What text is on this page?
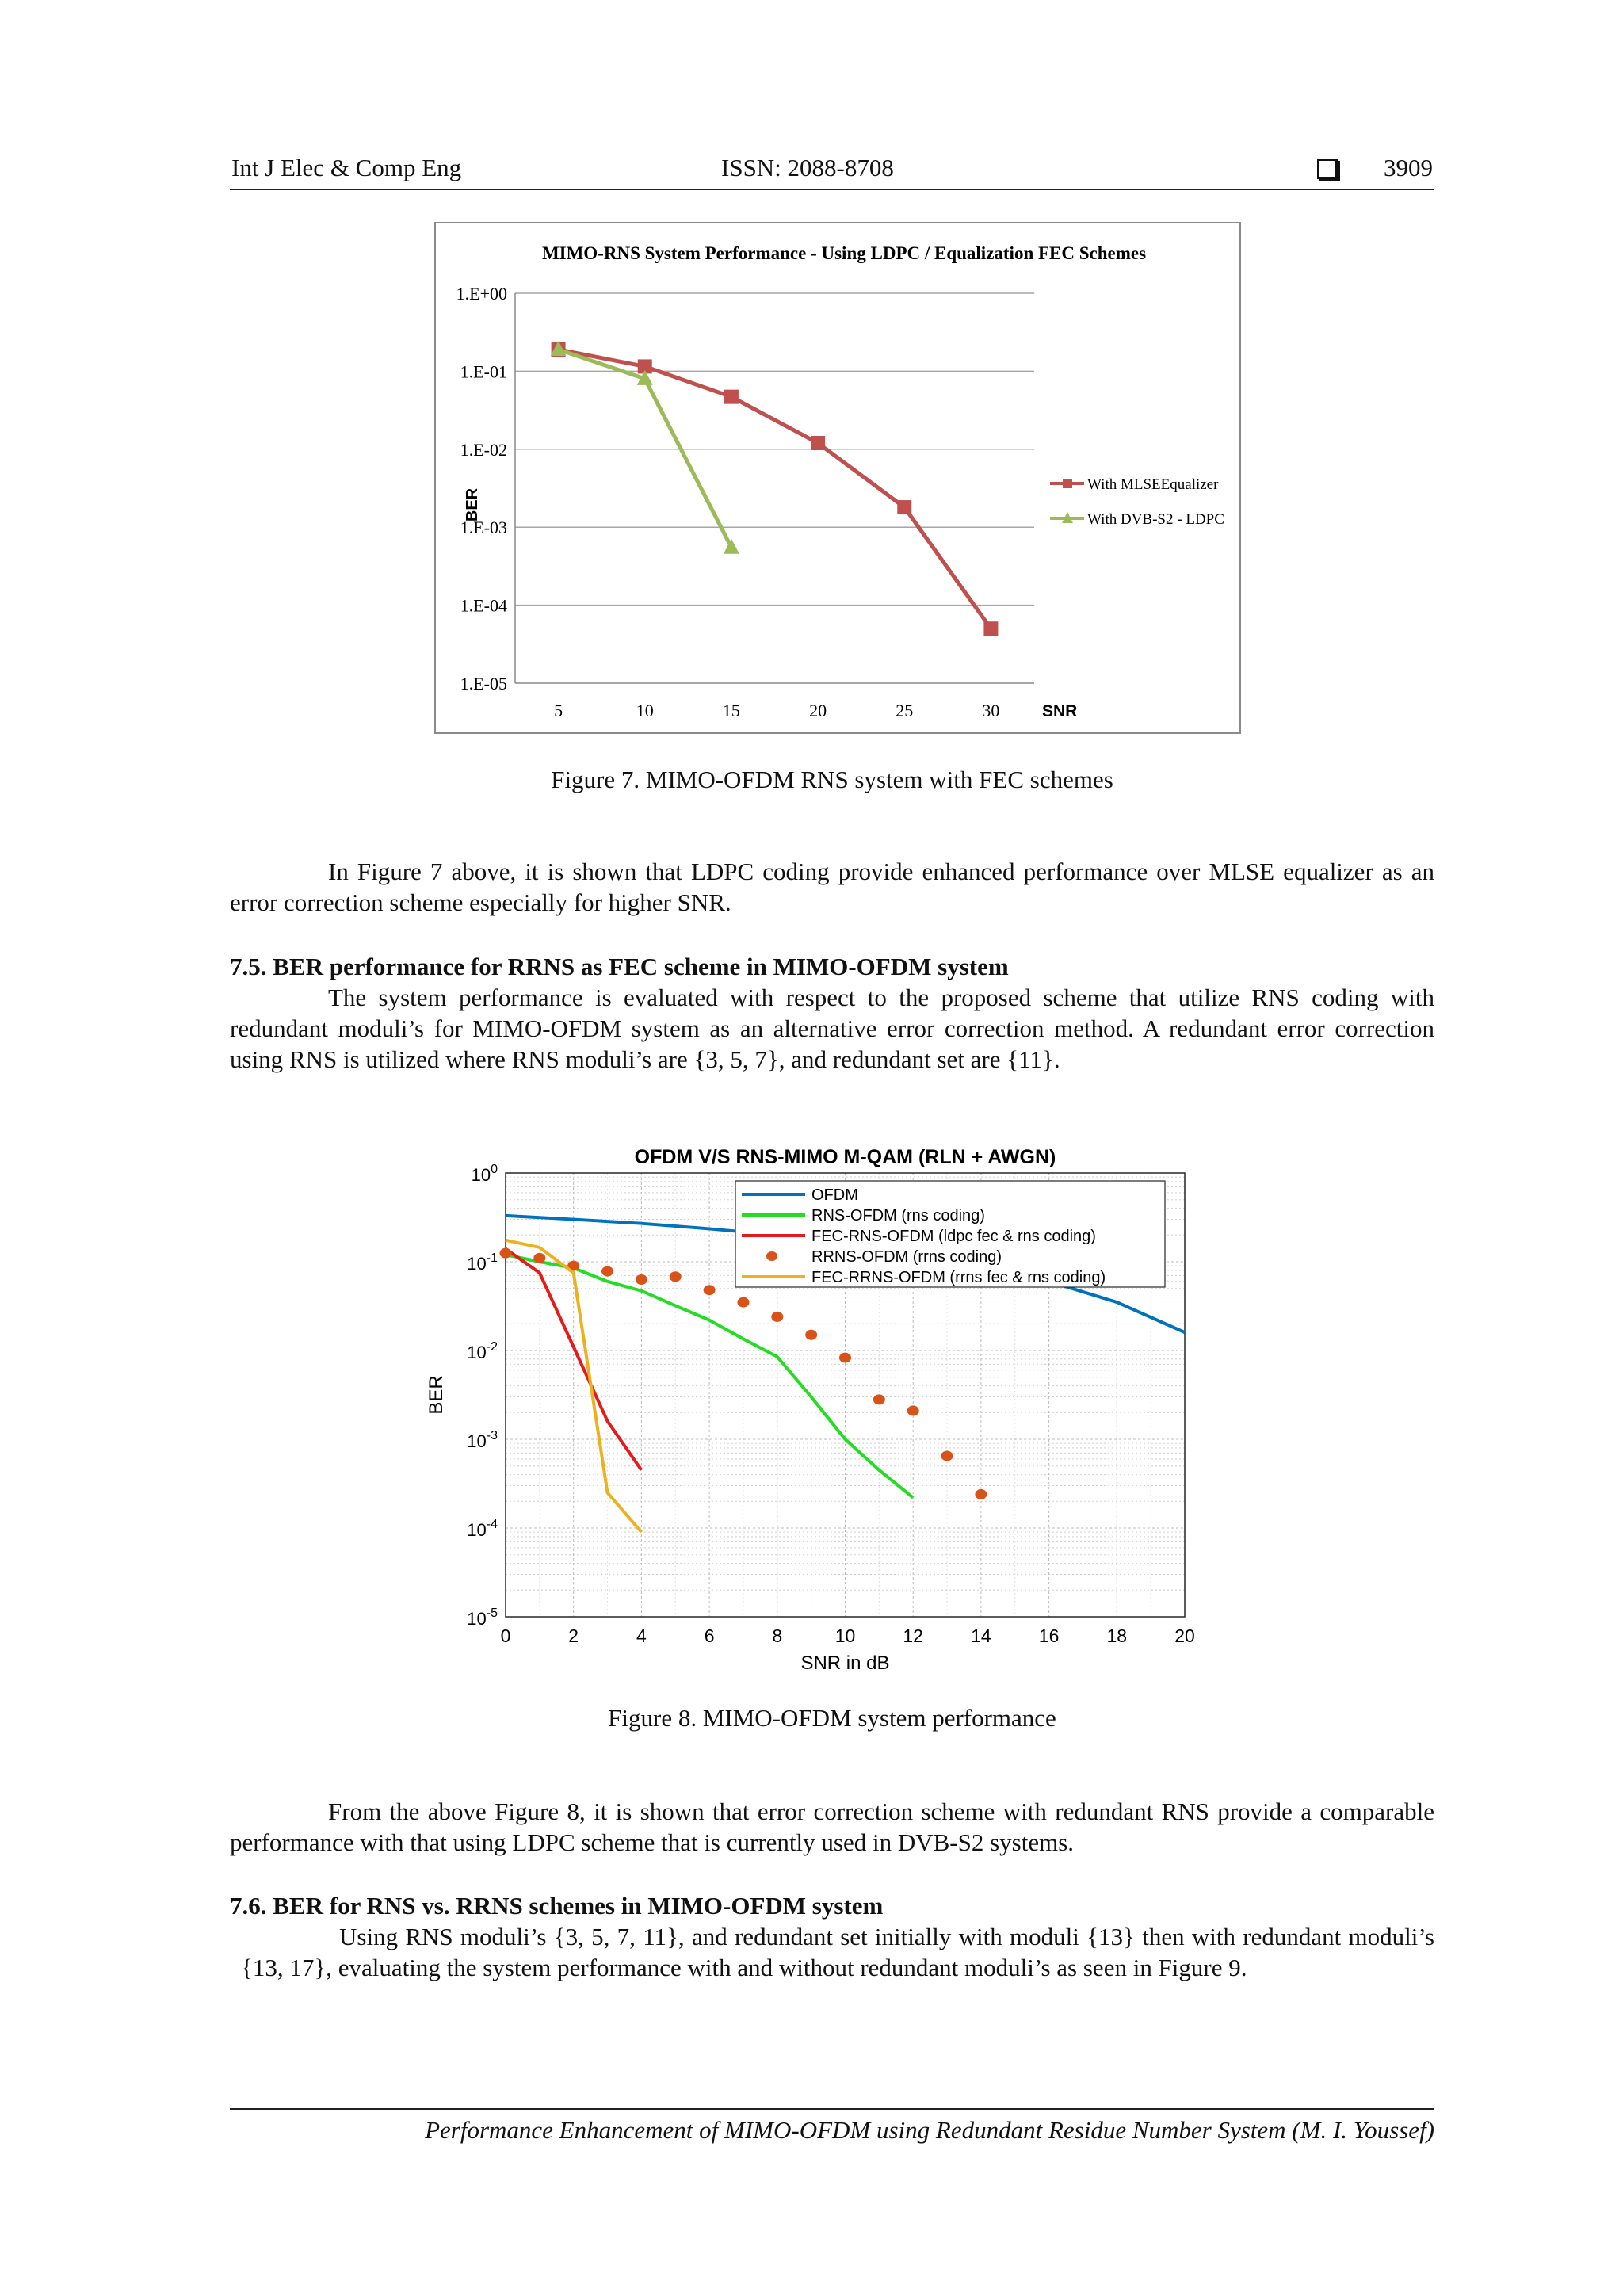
Int J Elec & Comp Eng	ISSN: 2088-8708	3909
MIMO-RNS System Performance - Using LDPC / Equalization FEC Schemes
1.E+00
1.E-01
1.E-02
1.E-03
1.E-04
1.E-05
5	10	15	20	25	30	SNR
BER
With MLSEEqualizer
With DVB-S2 - LDPC
Figure 7. MIMO-OFDM RNS system with FEC schemes

In Figure 7 above, it is shown that LDPC coding provide enhanced performance over MLSE equalizer as an error correction scheme especially for higher SNR.

7.5. BER performance for RRNS as FEC scheme in MIMO-OFDM system
The system performance is evaluated with respect to the proposed scheme that utilize RNS coding with redundant moduli’s for MIMO-OFDM system as an alternative error correction method. A redundant error correction using RNS is utilized where RNS moduli’s are {3, 5, 7}, and redundant set are {11}.
0	2	4	6	8	10	12	14	16	18	20
$10^0$
$10^{-1}$
$10^{-2}$
$10^{-3}$
$10^{-4}$
$10^{-5}$
OFDM V/S RNS-MIMO M-QAM (RLN + AWGN)
SNR in dB
BER
OFDM
RNS-OFDM (rns coding)
FEC-RNS-OFDM (ldpc fec & rns coding)
RRNS-OFDM (rrns coding)
FEC-RRNS-OFDM (rrns fec & rns coding)
Figure 8. MIMO-OFDM system performance

From the above Figure 8, it is shown that error correction scheme with redundant RNS provide a comparable performance with that using LDPC scheme that is currently used in DVB-S2 systems.

7.6. BER for RNS vs. RRNS schemes in MIMO-OFDM system
Using RNS moduli’s {3, 5, 7, 11}, and redundant set initially with moduli {13} then with redundant moduli’s {13, 17}, evaluating the system performance with and without redundant moduli’s as seen in Figure 9.
Performance Enhancement of MIMO-OFDM using Redundant Residue Number System (M. I. Youssef)
